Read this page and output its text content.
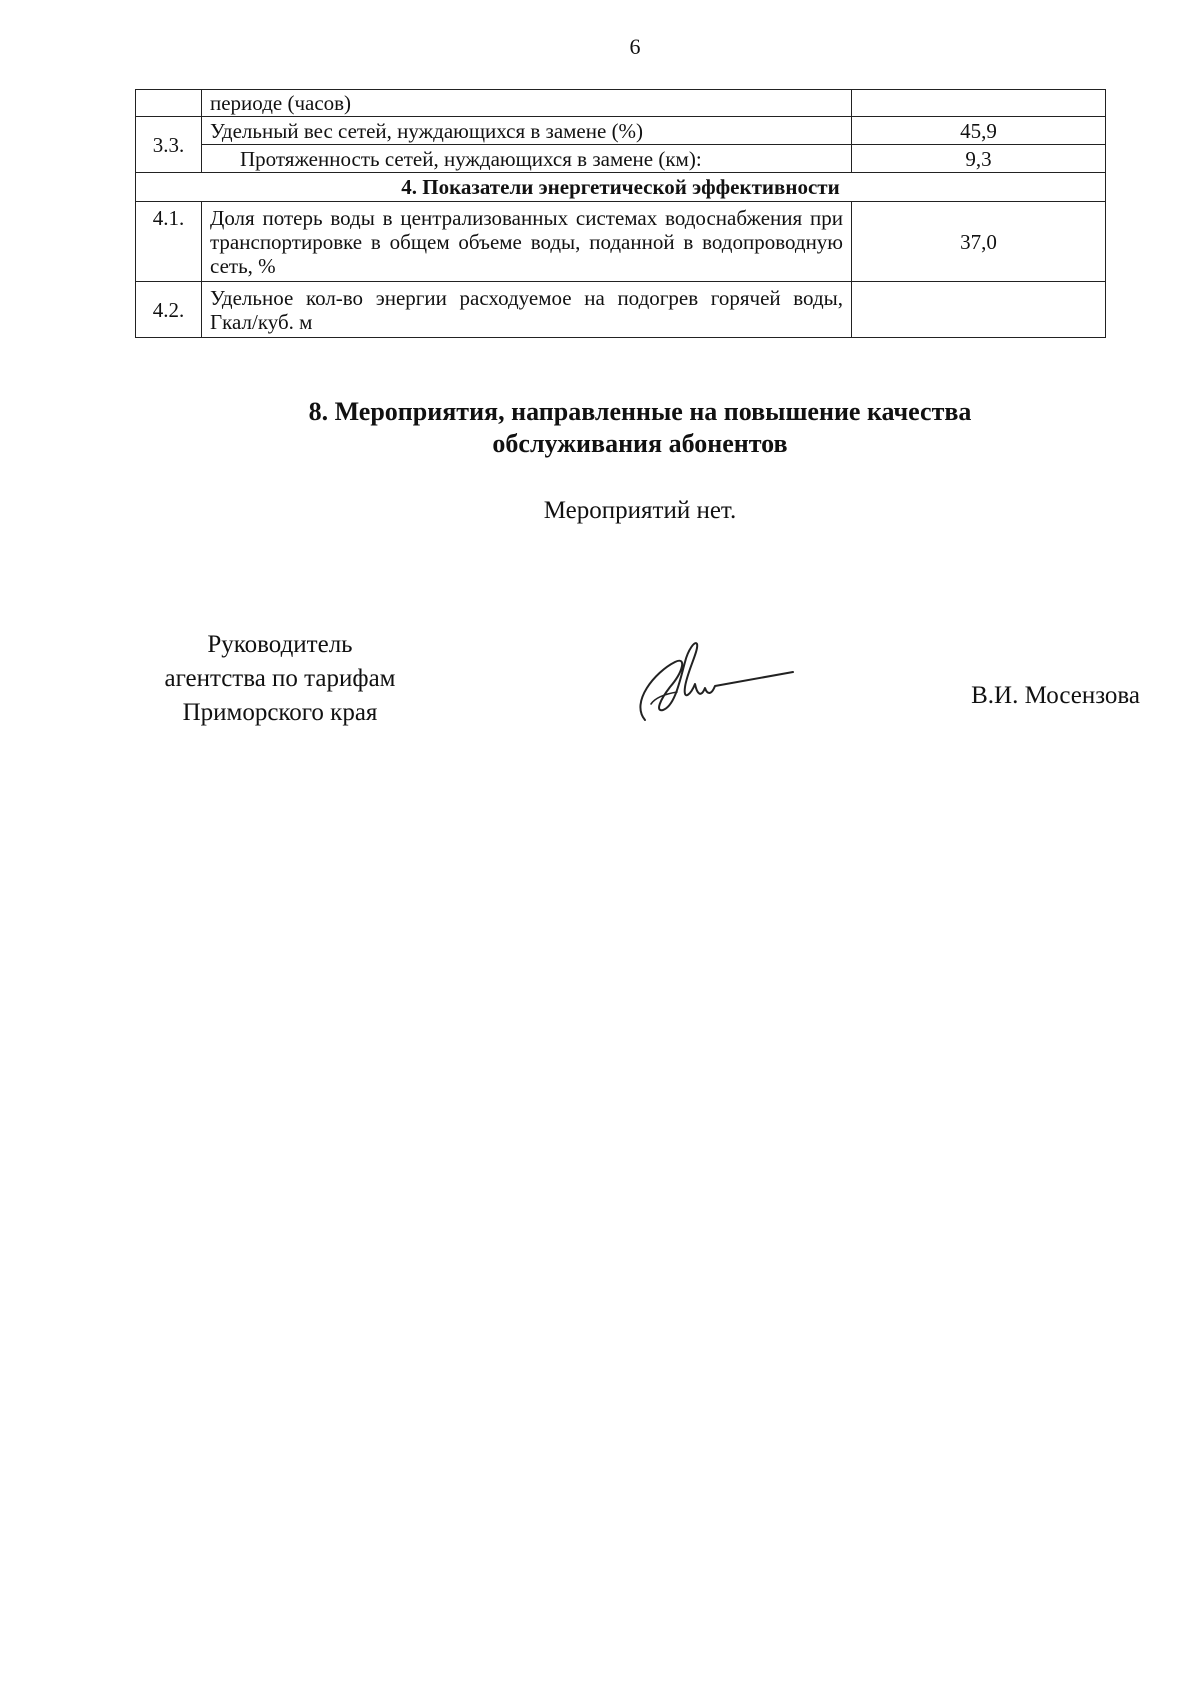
6
	периоде (часов)	
3.3.	Удельный вес сетей, нуждающихся в замене (%)	45,9
	Протяженность сетей, нуждающихся в замене (км):	9,3
4. Показатели энергетической эффективности		
4.1.	Доля потерь воды в централизованных системах водоснабжения при транспортировке в общем объеме воды, поданной в водопроводную сеть, %	37,0
4.2.	Удельное кол-во энергии расходуемое на подогрев горячей воды, Гкал/куб. м	
8. Мероприятия, направленные на повышение качества
обслуживания абонентов
Мероприятий нет.
Руководитель
агентства по тарифам
Приморского края
В.И. Мосензова
